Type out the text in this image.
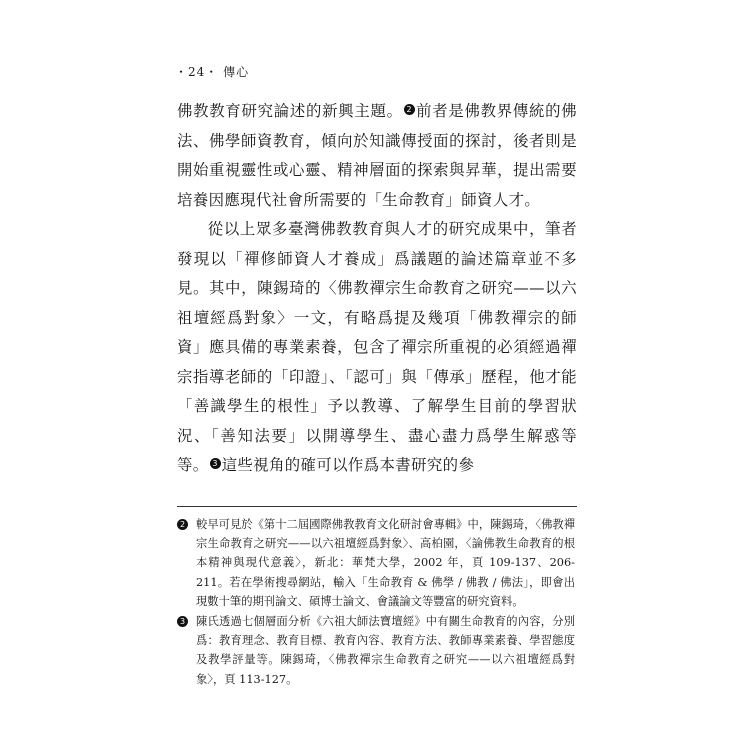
・24・ 傳心

佛教教育研究論述的新興主題。 2 前者是佛教界傳統的佛法、佛學師資教育，傾向於知識傳授面的探討，後者則是開始重視靈性或心靈、精神層面的探索與昇華，提出需要培養因應現代社會所需要的「生命教育」師資人才。

從以上眾多臺灣佛教教育與人才的研究成果中，筆者發現以「禪修師資人才養成」爲議題的論述篇章並不多見。其中，陳錫琦的〈佛教禪宗生命教育之研究——以六祖壇經爲對象〉一文，有略爲提及幾項「佛教禪宗的師資」應具備的專業素養，包含了禪宗所重視的必須經過禪宗指導老師的「印證」、「認可」與「傳承」歷程，他才能「善識學生的根性」予以教導、了解學生目前的學習狀況、「善知法要」以開導學生、盡心盡力爲學生解惑等等。 3 這些視角的確可以作爲本書研究的參

2 較早可見於《第十二屆國際佛教教育文化研討會專輯》中，陳錫琦，〈佛教禪宗生命教育之研究——以六祖壇經爲對象〉、高柏園，〈論佛教生命教育的根本精神與現代意義〉，新北：華梵大學，2002 年，頁 109-137、206-211。若在學術搜尋網站，輸入「生命教育 & 佛學 / 佛教 / 佛法」，即會出現數十筆的期刊論文、碩博士論文、會議論文等豐富的研究資料。
3 陳氏透過七個層面分析《六祖大師法寶壇經》中有關生命教育的內容，分別爲：教育理念、教育目標、教育內容、教育方法、教師專業素養、學習態度及教學評量等。陳錫琦，〈佛教禪宗生命教育之研究——以六祖壇經爲對象〉，頁 113-127。
